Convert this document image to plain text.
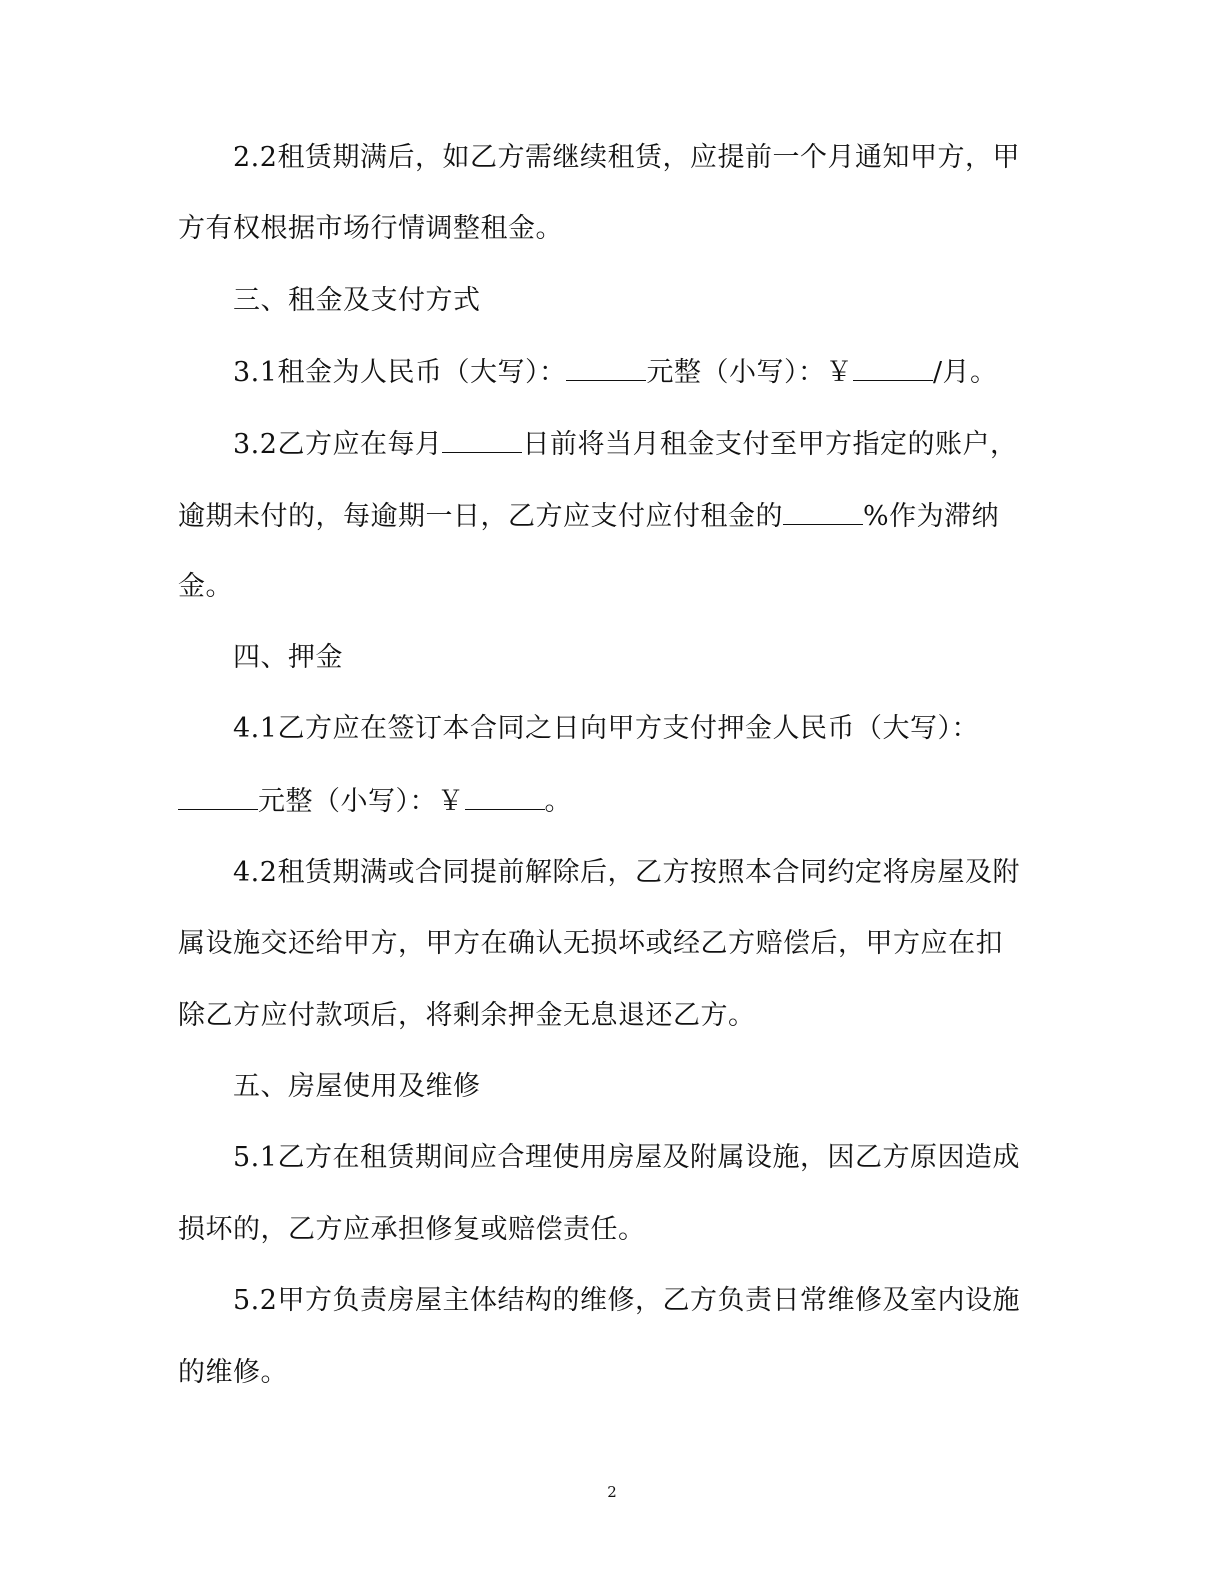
2.2租赁期满后，如乙方需继续租赁，应提前一个月通知甲方，甲
方有权根据市场行情调整租金。
三、租金及支付方式
3.1租金为人民币（大写）：	元整（小写）：￥	/月。
3.2乙方应在每月	日前将当月租金支付至甲方指定的账户，
逾期未付的，每逾期一日，乙方应支付应付租金的	%作为滞纳
金。
四、押金
4.1乙方应在签订本合同之日向甲方支付押金人民币（大写）：
元整（小写）：￥	。
4.2租赁期满或合同提前解除后，乙方按照本合同约定将房屋及附
属设施交还给甲方，甲方在确认无损坏或经乙方赔偿后，甲方应在扣
除乙方应付款项后，将剩余押金无息退还乙方。
五、房屋使用及维修
5.1乙方在租赁期间应合理使用房屋及附属设施，因乙方原因造成
损坏的，乙方应承担修复或赔偿责任。
5.2甲方负责房屋主体结构的维修，乙方负责日常维修及室内设施
的维修。
2
